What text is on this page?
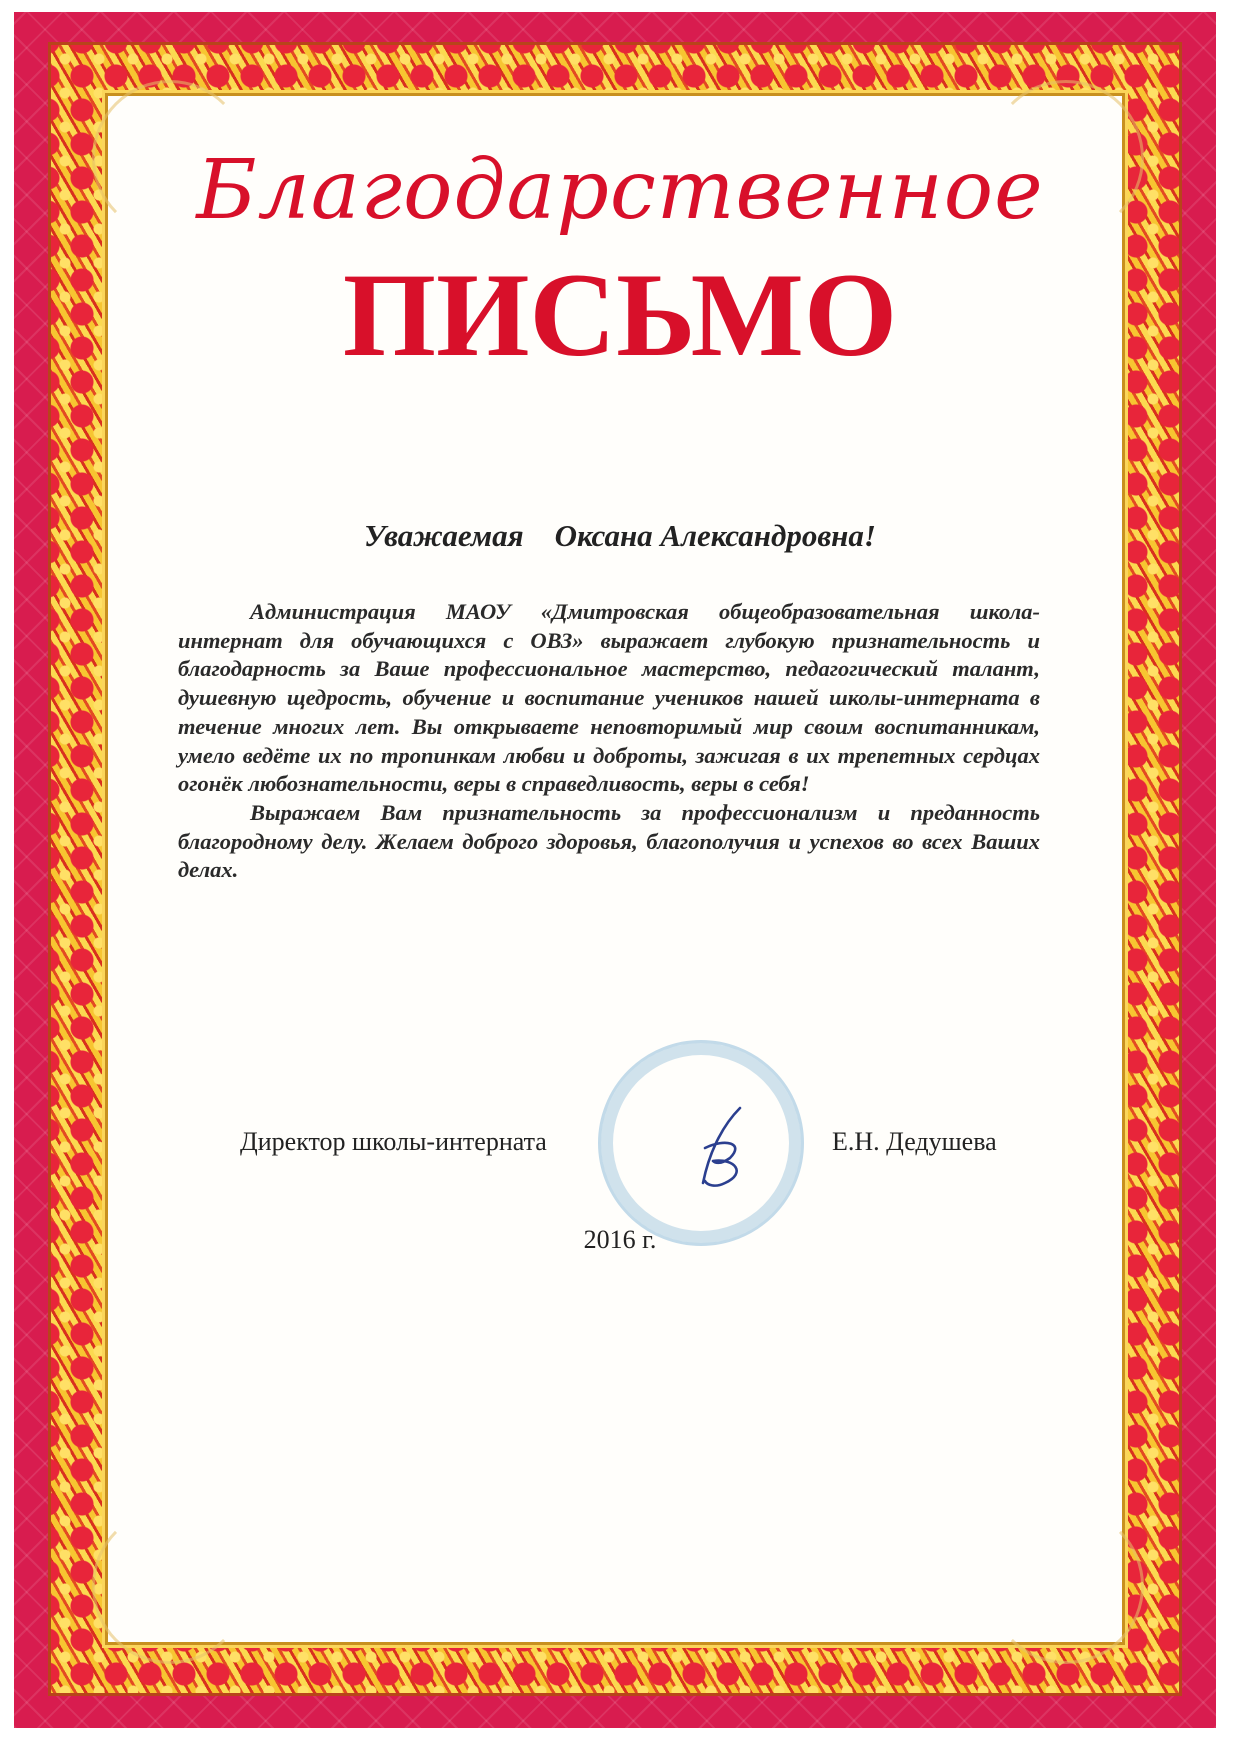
Благодарственное
ПИСЬМО
Уважаемая    Оксана Александровна!

Администрация МАОУ «Дмитровская общеобразовательная школа-интернат для обучающихся с ОВЗ» выражает глубокую признательность и благодарность за Ваше профессиональное мастерство, педагогический талант, душевную щедрость, обучение и воспитание учеников нашей школы-интерната в течение многих лет. Вы открываете неповторимый мир своим воспитанникам, умело ведёте их по тропинкам любви и доброты, зажигая в их трепетных сердцах огонёк любознательности, веры в справедливость, веры в себя!

Выражаем Вам признательность за профессионализм и преданность благородному делу. Желаем доброго здоровья, благополучия и успехов во всех Ваших делах.

Директор школы-интерната	Е.Н. Дедушева
2016 г.
